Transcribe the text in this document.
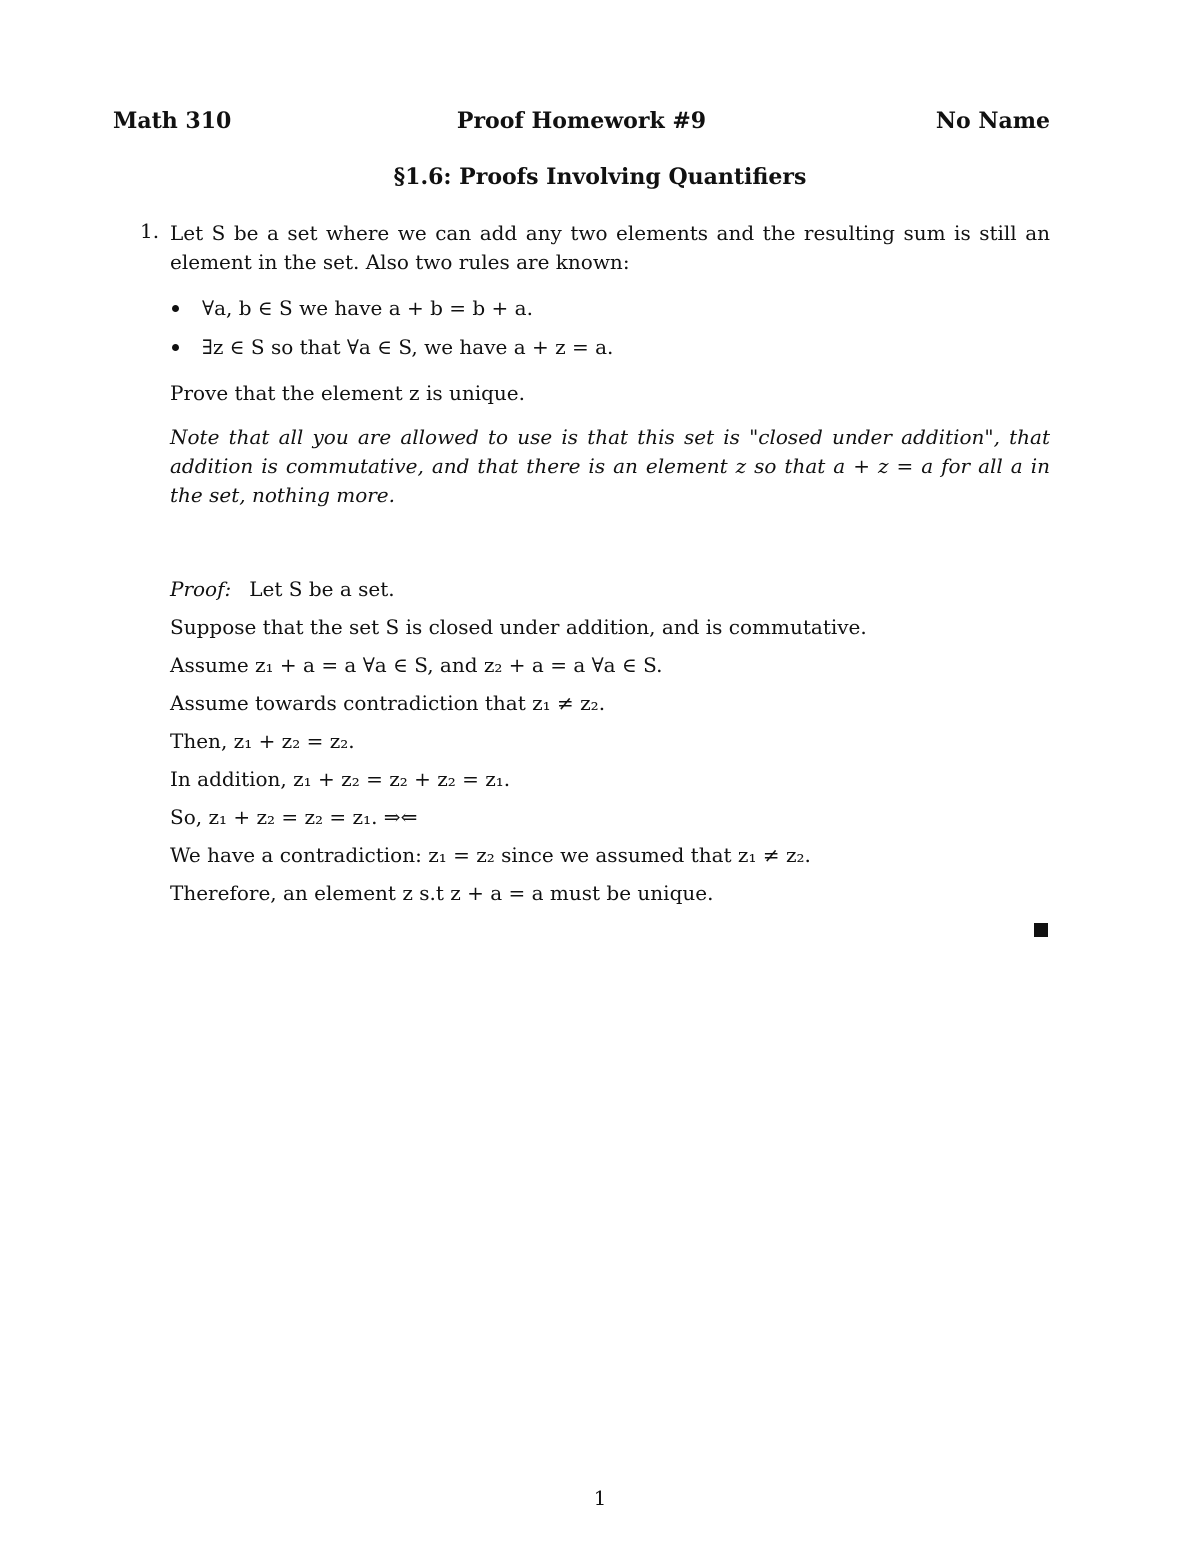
Math 310	Proof Homework #9	No Name
§1.6: Proofs Involving Quantifiers
1. Let S be a set where we can add any two elements and the resulting sum is still an element in the set. Also two rules are known:
∀a, b ∈ S we have a + b = b + a.
∃z ∈ S so that ∀a ∈ S, we have a + z = a.
Prove that the element z is unique.
Note that all you are allowed to use is that this set is "closed under addition", that addition is commutative, and that there is an element z so that a + z = a for all a in the set, nothing more.
Proof: Let S be a set.
Suppose that the set S is closed under addition, and is commutative.
Assume z₁ + a = a ∀a ∈ S, and z₂ + a = a ∀a ∈ S.
Assume towards contradiction that z₁ ≠ z₂.
Then, z₁ + z₂ = z₂.
In addition, z₁ + z₂ = z₂ + z₂ = z₁.
So, z₁ + z₂ = z₂ = z₁. ⇒⇐
We have a contradiction: z₁ = z₂ since we assumed that z₁ ≠ z₂.
Therefore, an element z s.t z + a = a must be unique.
1
